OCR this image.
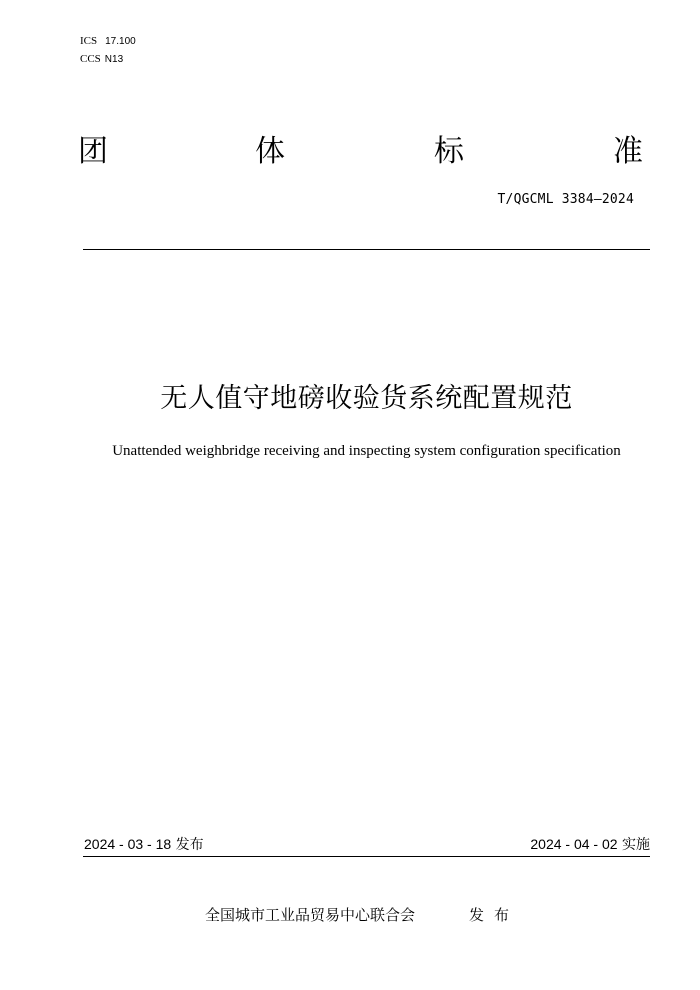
ICS 17.100
CCS N13
团	体	标	准
T/QGCML 3384—2024
无人值守地磅收验货系统配置规范
Unattended weighbridge receiving and inspecting system configuration specification
2024 - 03 - 18 发布	2024 - 04 - 02 实施
全国城市工业品贸易中心联合会	发布
